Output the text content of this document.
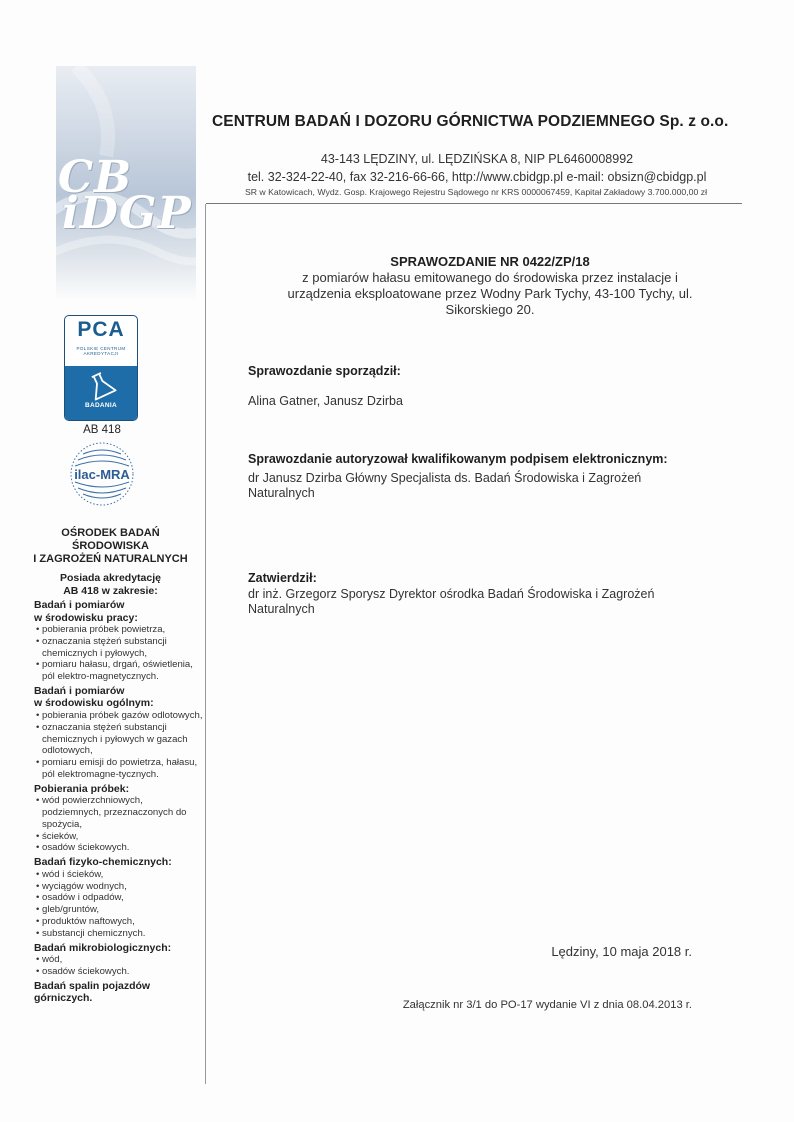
CB
iDGP
CENTRUM BADAŃ I DOZORU GÓRNICTWA PODZIEMNEGO Sp. z o.o.
43-143 LĘDZINY, ul. LĘDZIŃSKA 8, NIP PL6460008992
tel. 32-324-22-40, fax 32-216-66-66, http://www.cbidgp.pl e-mail: obsizn@cbidgp.pl
SR w Katowicach, Wydz. Gosp. Krajowego Rejestru Sądowego nr KRS 0000067459, Kapitał Zakładowy 3.700.000,00 zł
PCA
POLSKIE CENTRUM
AKREDYTACJI
BADANIA
AB 418
ilac-MRA
OŚRODEK BADAŃ
ŚRODOWISKA
I ZAGROŻEŃ NATURALNYCH
Posiada akredytację
AB 418 w zakresie:
Badań i pomiarów
w środowisku pracy:
• pobierania próbek powietrza,
• oznaczania stężeń substancji chemicznych i pyłowych,
• pomiaru hałasu, drgań, oświetlenia, pól elektro-magnetycznych.
Badań i pomiarów
w środowisku ogólnym:
• pobierania próbek gazów odlotowych,
• oznaczania stężeń substancji chemicznych i pyłowych w gazach odlotowych,
• pomiaru emisji do powietrza, hałasu, pól elektromagne-tycznych.
Pobierania próbek:
• wód powierzchniowych, podziemnych, przeznaczonych do spożycia,
• ścieków,
• osadów ściekowych.
Badań fizyko-chemicznych:
• wód i ścieków,
• wyciągów wodnych,
• osadów i odpadów,
• gleb/gruntów,
• produktów naftowych,
• substancji chemicznych.
Badań mikrobiologicznych:
• wód,
• osadów ściekowych.
Badań spalin pojazdów
górniczych.
SPRAWOZDANIE NR 0422/ZP/18
z pomiarów hałasu emitowanego do środowiska przez instalacje i urządzenia eksploatowane przez Wodny Park Tychy, 43-100 Tychy, ul. Sikorskiego 20.
Sprawozdanie sporządził:
Alina Gatner, Janusz Dzirba
Sprawozdanie autoryzował kwalifikowanym podpisem elektronicznym:
dr Janusz Dzirba Główny Specjalista ds. Badań Środowiska i Zagrożeń Naturalnych
Zatwierdził:
dr inż. Grzegorz Sporysz Dyrektor ośrodka Badań Środowiska i Zagrożeń Naturalnych
Lędziny, 10 maja 2018 r.
Załącznik nr 3/1 do PO-17 wydanie VI z dnia 08.04.2013 r.
